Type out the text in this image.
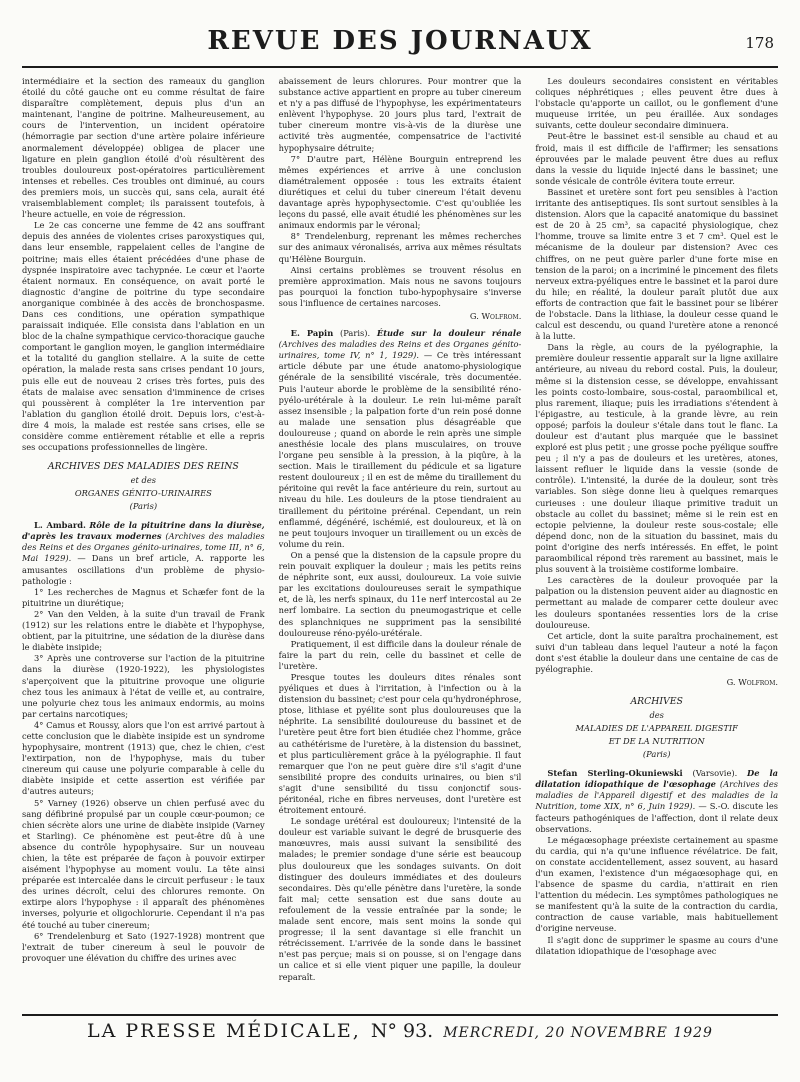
REVUE DES JOURNAUX	178

intermédiaire et la section des rameaux du ganglion étoilé du côté gauche ont eu comme résultat de faire disparaître complètement, depuis plus d'un an maintenant, l'angine de poitrine. Malheureusement, au cours de l'intervention, un incident opératoire (hémorragie par section d'une artère polaire inférieure anormalement développée) obligea de placer une ligature en plein ganglion étoilé d'où résultèrent des troubles douloureux post-opératoires particulièrement intenses et rebelles. Ces troubles ont diminué, au cours des premiers mois, un succès qui, sans cela, aurait été vraisemblablement complet; ils paraissent toutefois, à l'heure actuelle, en voie de régression.

Le 2e cas concerne une femme de 42 ans souffrant depuis des années de violentes crises paroxystiques qui, dans leur ensemble, rappelaient celles de l'angine de poitrine; mais elles étaient précédées d'une phase de dyspnée inspiratoire avec tachypnée. Le cœur et l'aorte étaient normaux. En conséquence, on avait porté le diagnostic d'angine de poitrine du type secondaire anorganique combinée à des accès de bronchospasme. Dans ces conditions, une opération sympathique paraissait indiquée. Elle consista dans l'ablation en un bloc de la chaîne sympathique cervico-thoracique gauche comportant le ganglion moyen, le ganglion intermédiaire et la totalité du ganglion stellaire. A la suite de cette opération, la malade resta sans crises pendant 10 jours, puis elle eut de nouveau 2 crises très fortes, puis des états de malaise avec sensation d'imminence de crises qui poussèrent à compléter la 1re intervention par l'ablation du ganglion étoilé droit. Depuis lors, c'est-à-dire 4 mois, la malade est restée sans crises, elle se considère comme entièrement rétablie et elle a repris ses occupations professionnelles de lingère.

ARCHIVES DES MALADIES DES REINS

et des

ORGANES GÉNITO-URINAIRES

(Paris)

L. Ambard. Rôle de la pituitrine dans la diurèse, d'après les travaux modernes (Archives des maladies des Reins et des Organes génito-urinaires, tome III, n° 6, Mai 1929). — Dans un bref article, A. rapporte les amusantes oscillations d'un problème de physio-pathologie :

1° Les recherches de Magnus et Schæfer font de la pituitrine un diurétique;

2° Van den Velden, à la suite d'un travail de Frank (1912) sur les relations entre le diabète et l'hypophyse, obtient, par la pituitrine, une sédation de la diurèse dans le diabète insipide;

3° Après une controverse sur l'action de la pituitrine dans la diurèse (1920-1922), les physiologistes s'aperçoivent que la pituitrine provoque une oligurie chez tous les animaux à l'état de veille et, au contraire, une polyurie chez tous les animaux endormis, au moins par certains narcotiques;

4° Camus et Roussy, alors que l'on est arrivé partout à cette conclusion que le diabète insipide est un syndrome hypophysaire, montrent (1913) que, chez le chien, c'est l'extirpation, non de l'hypophyse, mais du tuber cinereum qui cause une polyurie comparable à celle du diabète insipide et cette assertion est vérifiée par d'autres auteurs;

5° Varney (1926) observe un chien perfusé avec du sang défibriné propulsé par un couple cœur-poumon; ce chien sécrète alors une urine de diabète insipide (Varney et Starling). Ce phénomène est peut-être dû à une absence du contrôle hypophysaire. Sur un nouveau chien, la tête est préparée de façon à pouvoir extirper aisément l'hypophyse au moment voulu. La tête ainsi préparée est intercalée dans le circuit perfuseur : le taux des urines décroît, celui des chlorures remonte. On extirpe alors l'hypophyse : il apparaît des phénomènes inverses, polyurie et oligochlorurie. Cependant il n'a pas été touché au tuber cinereum;

6° Trendelenburg et Sato (1927-1928) montrent que l'extrait de tuber cinereum à seul le pouvoir de provoquer une élévation du chiffre des urines avec

abaissement de leurs chlorures. Pour montrer que la substance active appartient en propre au tuber cinereum et n'y a pas diffusé de l'hypophyse, les expérimentateurs enlèvent l'hypophyse. 20 jours plus tard, l'extrait de tuber cinereum montre vis-à-vis de la diurèse une activité très augmentée, compensatrice de l'activité hypophysaire détruite;

7° D'autre part, Hélène Bourguin entreprend les mêmes expériences et arrive à une conclusion diamétralement opposée : tous les extraits étaient diurétiques et celui du tuber cinereum l'était devenu davantage après hypophysectomie. C'est qu'oubliée les leçons du passé, elle avait étudié les phénomènes sur les animaux endormis par le véronal;

8° Trendelenburg, reprenant les mêmes recherches sur des animaux véronalisés, arriva aux mêmes résultats qu'Hélène Bourguin.

Ainsi certains problèmes se trouvent résolus en première approximation. Mais nous ne savons toujours pas pourquoi la fonction tubo-hypophysaire s'inverse sous l'influence de certaines narcoses.

G. Wolfrom.

E. Papin (Paris). Étude sur la douleur rénale (Archives des maladies des Reins et des Organes génito-urinaires, tome IV, n° 1, 1929). — Ce très intéressant article débute par une étude anatomo-physiologique générale de la sensibilité viscérale, très documentée. Puis l'auteur aborde le problème de la sensibilité réno-pyélo-urétérale à la douleur. Le rein lui-même paraît assez insensible ; la palpation forte d'un rein posé donne au malade une sensation plus désagréable que douloureuse ; quand on aborde le rein après une simple anesthésie locale des plans musculaires, on trouve l'organe peu sensible à la pression, à la piqûre, à la section. Mais le tiraillement du pédicule et sa ligature restent douloureux ; il en est de même du tiraillement du péritoine qui revêt la face antérieure du rein, surtout au niveau du hile. Les douleurs de la ptose tiendraient au tiraillement du péritoine prérénal. Cependant, un rein enflammé, dégénéré, ischémié, est douloureux, et là on ne peut toujours invoquer un tiraillement ou un excès de volume du rein.

On a pensé que la distension de la capsule propre du rein pouvait expliquer la douleur ; mais les petits reins de néphrite sont, eux aussi, douloureux. La voie suivie par les excitations douloureuses serait le sympathique et, de là, les nerfs spinaux, du 11e nerf intercostal au 2e nerf lombaire. La section du pneumogastrique et celle des splanchniques ne suppriment pas la sensibilité douloureuse réno-pyélo-urétérale.

Pratiquement, il est difficile dans la douleur rénale de faire la part du rein, celle du bassinet et celle de l'uretère.

Presque toutes les douleurs dites rénales sont pyéliques et dues à l'irritation, à l'infection ou à la distension du bassinet; c'est pour cela qu'hydronéphrose, ptose, lithiase et pyélite sont plus douloureuses que la néphrite. La sensibilité douloureuse du bassinet et de l'uretère peut être fort bien étudiée chez l'homme, grâce au cathétérisme de l'uretère, à la distension du bassinet, et plus particulièrement grâce à la pyélographie. Il faut remarquer que l'on ne peut guère dire s'il s'agit d'une sensibilité propre des conduits urinaires, ou bien s'il s'agit d'une sensibilité du tissu conjonctif sous-péritonéal, riche en fibres nerveuses, dont l'uretère est étroitement entouré.

Le sondage urétéral est douloureux; l'intensité de la douleur est variable suivant le degré de brusquerie des manœuvres, mais aussi suivant la sensibilité des malades; le premier sondage d'une série est beaucoup plus douloureux que les sondages suivants. On doit distinguer des douleurs immédiates et des douleurs secondaires. Dès qu'elle pénètre dans l'uretère, la sonde fait mal; cette sensation est due sans doute au refoulement de la vessie entraînée par la sonde; le malade sent encore, mais sent moins la sonde qui progresse; il la sent davantage si elle franchit un rétrécissement. L'arrivée de la sonde dans le bassinet n'est pas perçue; mais si on pousse, si on l'engage dans un calice et si elle vient piquer une papille, la douleur reparaît.

Les douleurs secondaires consistent en véritables coliques néphrétiques ; elles peuvent être dues à l'obstacle qu'apporte un caillot, ou le gonflement d'une muqueuse irritée, un peu éraillée. Aux sondages suivants, cette douleur secondaire diminuera.

Peut-être le bassinet est-il sensible au chaud et au froid, mais il est difficile de l'affirmer; les sensations éprouvées par le malade peuvent être dues au reflux dans la vessie du liquide injecté dans le bassinet; une sonde vésicale de contrôle évitera toute erreur.

Bassinet et uretère sont fort peu sensibles à l'action irritante des antiseptiques. Ils sont surtout sensibles à la distension. Alors que la capacité anatomique du bassinet est de 20 à 25 cm³, sa capacité physiologique, chez l'homme, trouve sa limite entre 3 et 7 cm³. Quel est le mécanisme de la douleur par distension? Avec ces chiffres, on ne peut guère parler d'une forte mise en tension de la paroi; on a incriminé le pincement des filets nerveux extra-pyéliques entre le bassinet et la paroi dure du hile; en réalité, la douleur paraît plutôt due aux efforts de contraction que fait le bassinet pour se libérer de l'obstacle. Dans la lithiase, la douleur cesse quand le calcul est descendu, ou quand l'uretère atone a renoncé à la lutte.

Dans la règle, au cours de la pyélographie, la première douleur ressentie apparaît sur la ligne axillaire antérieure, au niveau du rebord costal. Puis, la douleur, même si la distension cesse, se développe, envahissant les points costo-lombaire, sous-costal, paraombilical et, plus rarement, iliaque; puis les irradiations s'étendent à l'épigastre, au testicule, à la grande lèvre, au rein opposé; parfois la douleur s'étale dans tout le flanc. La douleur est d'autant plus marquée que le bassinet exploré est plus petit ; une grosse poche pyélique souffre peu ; il n'y a pas de douleurs et les uretères, atones, laissent refluer le liquide dans la vessie (sonde de contrôle). L'intensité, la durée de la douleur, sont très variables. Son siège donne lieu à quelques remarques curieuses : une douleur iliaque primitive traduit un obstacle au collet du bassinet; même si le rein est en ectopie pelvienne, la douleur reste sous-costale; elle dépend donc, non de la situation du bassinet, mais du point d'origine des nerfs intéressés. En effet, le point paraombilical répond très rarement au bassinet, mais le plus souvent à la troisième costiforme lombaire.

Les caractères de la douleur provoquée par la palpation ou la distension peuvent aider au diagnostic en permettant au malade de comparer cette douleur avec les douleurs spontanées ressenties lors de la crise douloureuse.

Cet article, dont la suite paraîtra prochainement, est suivi d'un tableau dans lequel l'auteur a noté la façon dont s'est établie la douleur dans une centaine de cas de pyélographie.

G. Wolfrom.

ARCHIVES

des

MALADIES DE L'APPAREIL DIGESTIF

ET DE LA NUTRITION

(Paris)

Stefan Sterling-Okuniewski (Varsovie). De la dilatation idiopathique de l'œsophage (Archives des maladies de l'Appareil digestif et des maladies de la Nutrition, tome XIX, n° 6, Juin 1929). — S.-O. discute les facteurs pathogéniques de l'affection, dont il relate deux observations.

Le mégaœsophage préexiste certainement au spasme du cardia, qui n'a qu'une influence révélatrice. De fait, on constate accidentellement, assez souvent, au hasard d'un examen, l'existence d'un mégaœsophage qui, en l'absence de spasme du cardia, n'attirait en rien l'attention du médecin. Les symptômes pathologiques ne se manifestent qu'à la suite de la contraction du cardia, contraction de cause variable, mais habituellement d'origine nerveuse.

Il s'agit donc de supprimer le spasme au cours d'une dilatation idiopathique de l'œsophage avec

LA PRESSE MÉDICALE, N° 93. MERCREDI, 20 NOVEMBRE 1929
